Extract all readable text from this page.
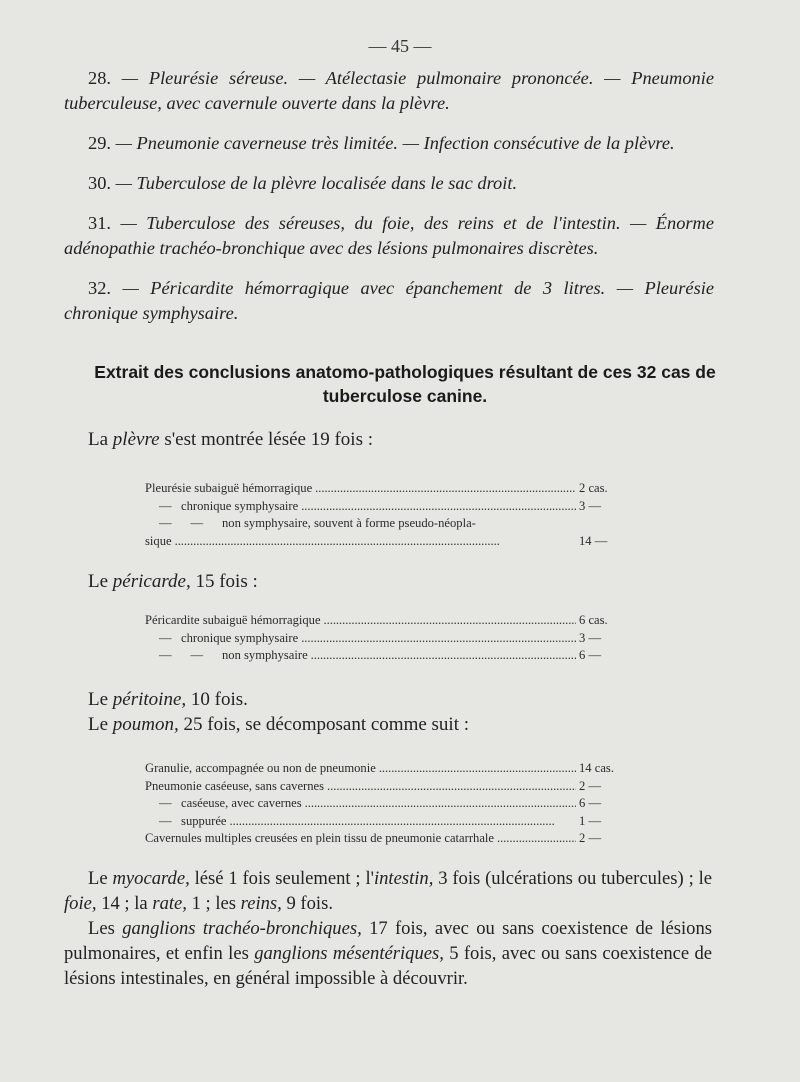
— 45 —
28. — Pleurésie séreuse. — Atélectasie pulmonaire prononcée. — Pneumonie tuberculeuse, avec cavernule ouverte dans la plèvre.
29. — Pneumonie caverneuse très limitée. — Infection consécutive de la plèvre.
30. — Tuberculose de la plèvre localisée dans le sac droit.
31. — Tuberculose des séreuses, du foie, des reins et de l'intestin. — Énorme adénopathie trachéo-bronchique avec des lésions pulmonaires discrètes.
32. — Péricardite hémorragique avec épanchement de 3 litres. — Pleurésie chronique symphysaire.
Extrait des conclusions anatomo-pathologiques résultant de ces 32 cas de tuberculose canine.
La plèvre s'est montrée lésée 19 fois :
Pleurésie subaiguë hémorragique . . .	2 cas.
—   chronique symphysaire . . .	3 —
—      —      non symphysaire, souvent à forme pseudo-néopla-
sique . . .	14 —
Le péricarde, 15 fois :
Péricardite subaiguë hémorragique . . .	6 cas.
—   chronique symphysaire . . .	3 —
—      —      non symphysaire . . .	6 —
Le péritoine, 10 fois.
Le poumon, 25 fois, se décomposant comme suit :
Granulie, accompagnée ou non de pneumonie . . .	14 cas.
Pneumonie caséeuse, sans cavernes . . .	2 —
—   caséeuse, avec cavernes . . .	6 —
—   suppurée . . .	1 —
Cavernules multiples creusées en plein tissu de pneumonie catarrhale . . .	2 —

Le myocarde, lésé 1 fois seulement ; l'intestin, 3 fois (ulcérations ou tubercules) ; le foie, 14 ; la rate, 1 ; les reins, 9 fois.

Les ganglions trachéo-bronchiques, 17 fois, avec ou sans coexistence de lésions pulmonaires, et enfin les ganglions mésentériques, 5 fois, avec ou sans coexistence de lésions intestinales, en général impossible à découvrir.
